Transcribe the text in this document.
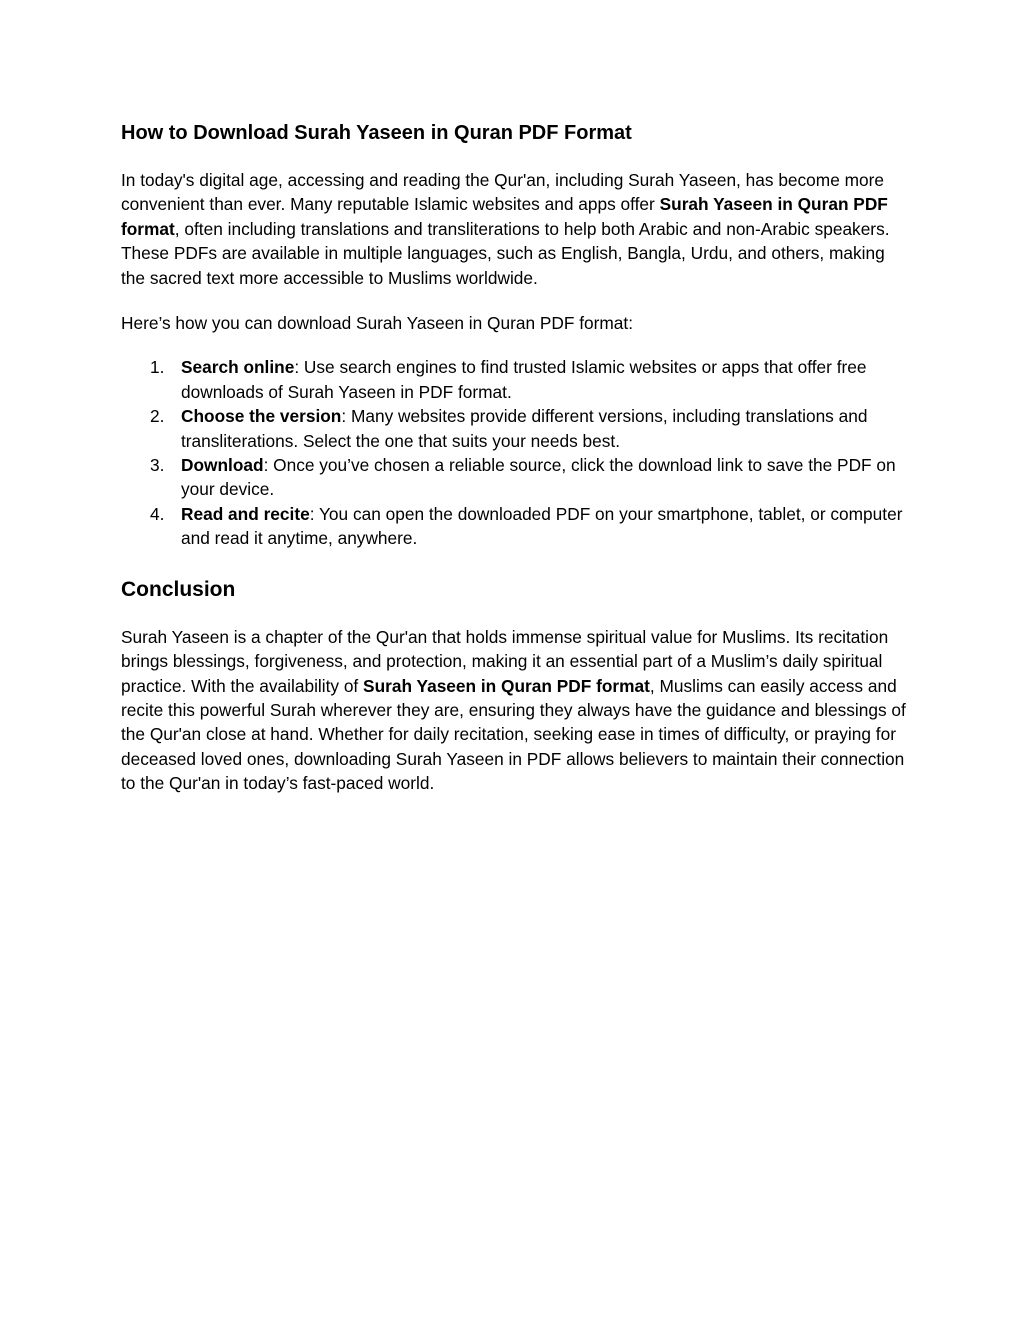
How to Download Surah Yaseen in Quran PDF Format

In today's digital age, accessing and reading the Qur'an, including Surah Yaseen, has become more convenient than ever. Many reputable Islamic websites and apps offer Surah Yaseen in Quran PDF format, often including translations and transliterations to help both Arabic and non-Arabic speakers. These PDFs are available in multiple languages, such as English, Bangla, Urdu, and others, making the sacred text more accessible to Muslims worldwide.

Here’s how you can download Surah Yaseen in Quran PDF format:

1. Search online: Use search engines to find trusted Islamic websites or apps that offer free downloads of Surah Yaseen in PDF format.
2. Choose the version: Many websites provide different versions, including translations and transliterations. Select the one that suits your needs best.
3. Download: Once you’ve chosen a reliable source, click the download link to save the PDF on your device.
4. Read and recite: You can open the downloaded PDF on your smartphone, tablet, or computer and read it anytime, anywhere.
Conclusion

Surah Yaseen is a chapter of the Qur'an that holds immense spiritual value for Muslims. Its recitation brings blessings, forgiveness, and protection, making it an essential part of a Muslim’s daily spiritual practice. With the availability of Surah Yaseen in Quran PDF format, Muslims can easily access and recite this powerful Surah wherever they are, ensuring they always have the guidance and blessings of the Qur'an close at hand. Whether for daily recitation, seeking ease in times of difficulty, or praying for deceased loved ones, downloading Surah Yaseen in PDF allows believers to maintain their connection to the Qur'an in today’s fast-paced world.
